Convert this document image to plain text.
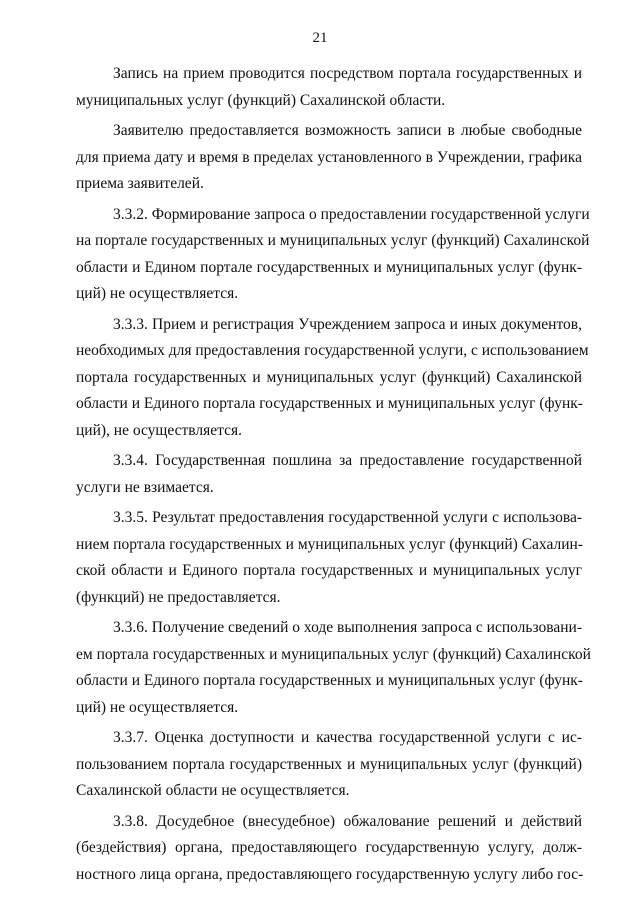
21
Запись на прием проводится посредством портала государственных и
муниципальных услуг (функций) Сахалинской области.
Заявителю предоставляется возможность записи в любые свободные
для приема дату и время в пределах установленного в Учреждении, графика
приема заявителей.
3.3.2. Формирование запроса о предоставлении государственной услуги
на портале государственных и муниципальных услуг (функций) Сахалинской
области и Едином портале государственных и муниципальных услуг (функ-
ций) не осуществляется.
3.3.3. Прием и регистрация Учреждением запроса и иных документов,
необходимых для предоставления государственной услуги, с использованием
портала государственных и муниципальных услуг (функций) Сахалинской
области и Единого портала государственных и муниципальных услуг (функ-
ций), не осуществляется.
3.3.4. Государственная пошлина за предоставление государственной
услуги не взимается.
3.3.5. Результат предоставления государственной услуги с использова-
нием портала государственных и муниципальных услуг (функций) Сахалин-
ской области и Единого портала государственных и муниципальных услуг
(функций) не предоставляется.
3.3.6. Получение сведений о ходе выполнения запроса с использовани-
ем портала государственных и муниципальных услуг (функций) Сахалинской
области и Единого портала государственных и муниципальных услуг (функ-
ций) не осуществляется.
3.3.7. Оценка доступности и качества государственной услуги с ис-
пользованием портала государственных и муниципальных услуг (функций)
Сахалинской области не осуществляется.
3.3.8. Досудебное (внесудебное) обжалование решений и действий
(бездействия) органа, предоставляющего государственную услугу, долж-
ностного лица органа, предоставляющего государственную услугу либо гос-
